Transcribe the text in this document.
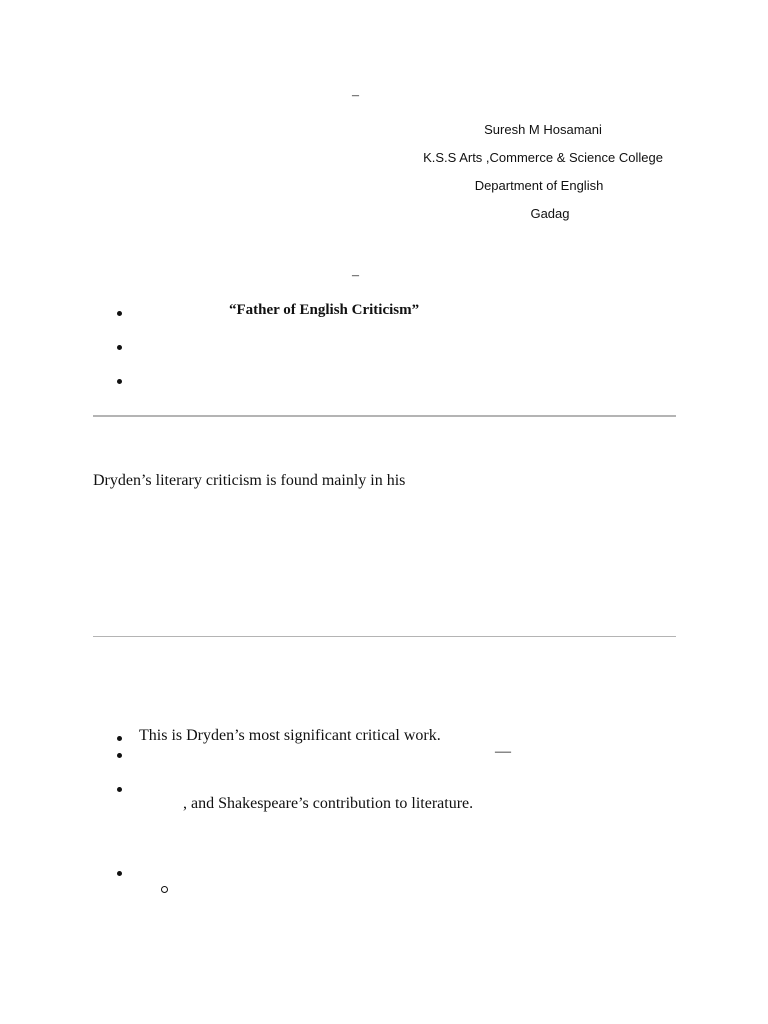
–
Suresh M Hosamani
K.S.S Arts ,Commerce & Science College
Department of English
Gadag
–
“Father of English Criticism”
Dryden’s literary criticism is found mainly in his
This is Dryden’s most significant critical work.
—
, and Shakespeare’s contribution to literature.
